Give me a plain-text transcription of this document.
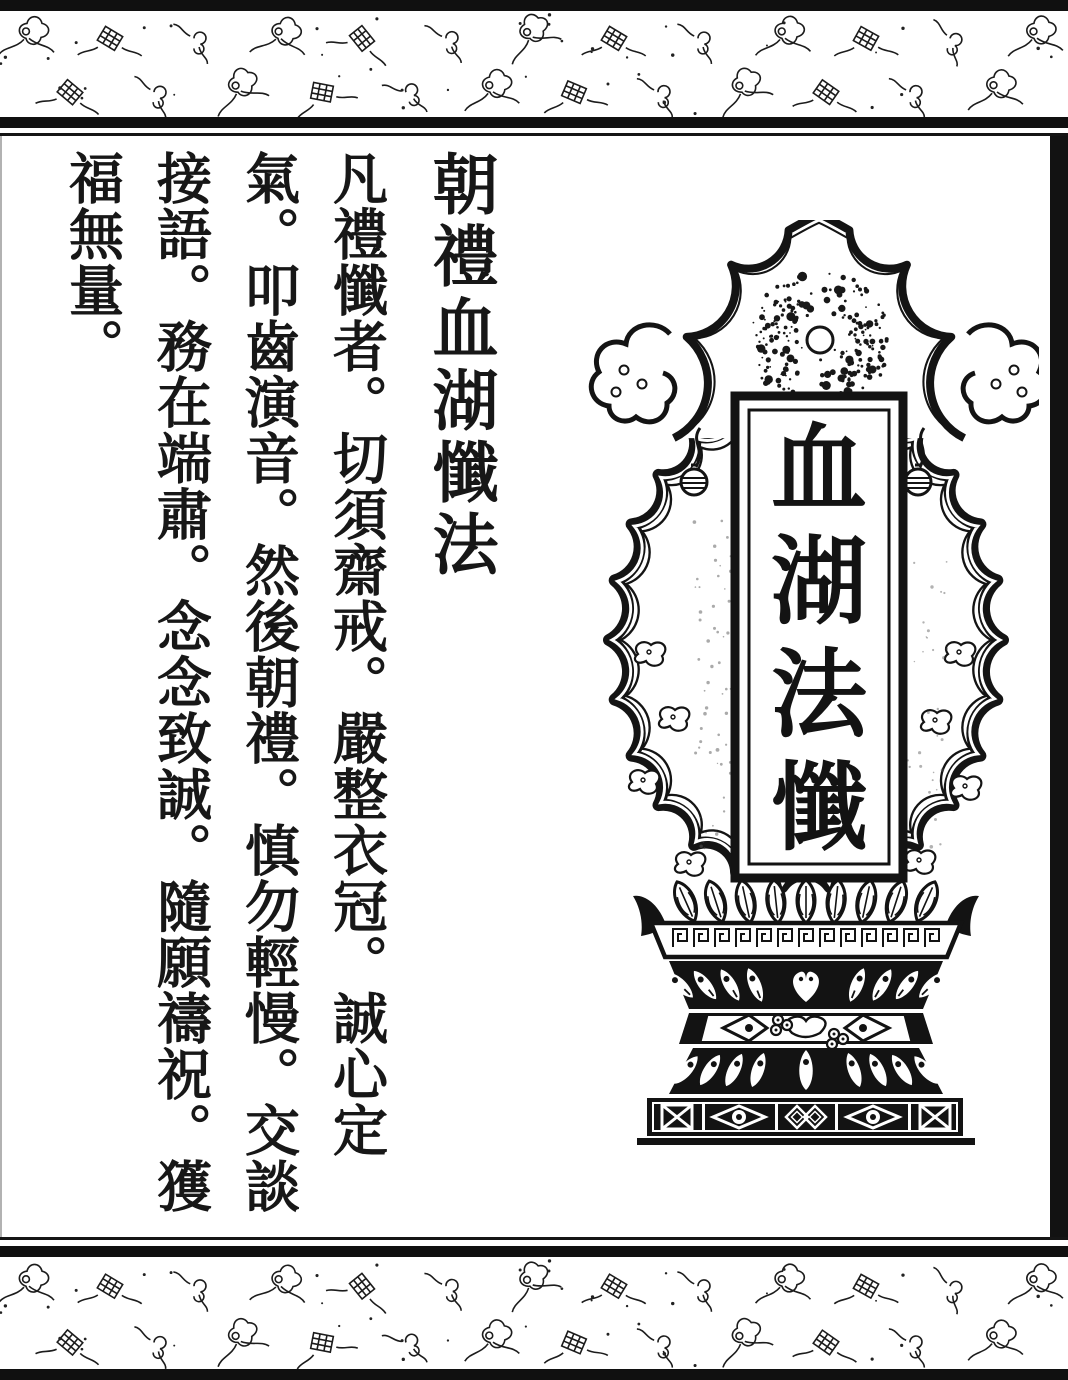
朝禮血湖懺法
凡禮懺者。切須齋戒。嚴整衣冠。誠心定
氣。叩齒演音。然後朝禮。慎勿輕慢。交談
接語。務在端肅。念念致誠。隨願禱祝。獲
福無量。
血
湖
法
懺
